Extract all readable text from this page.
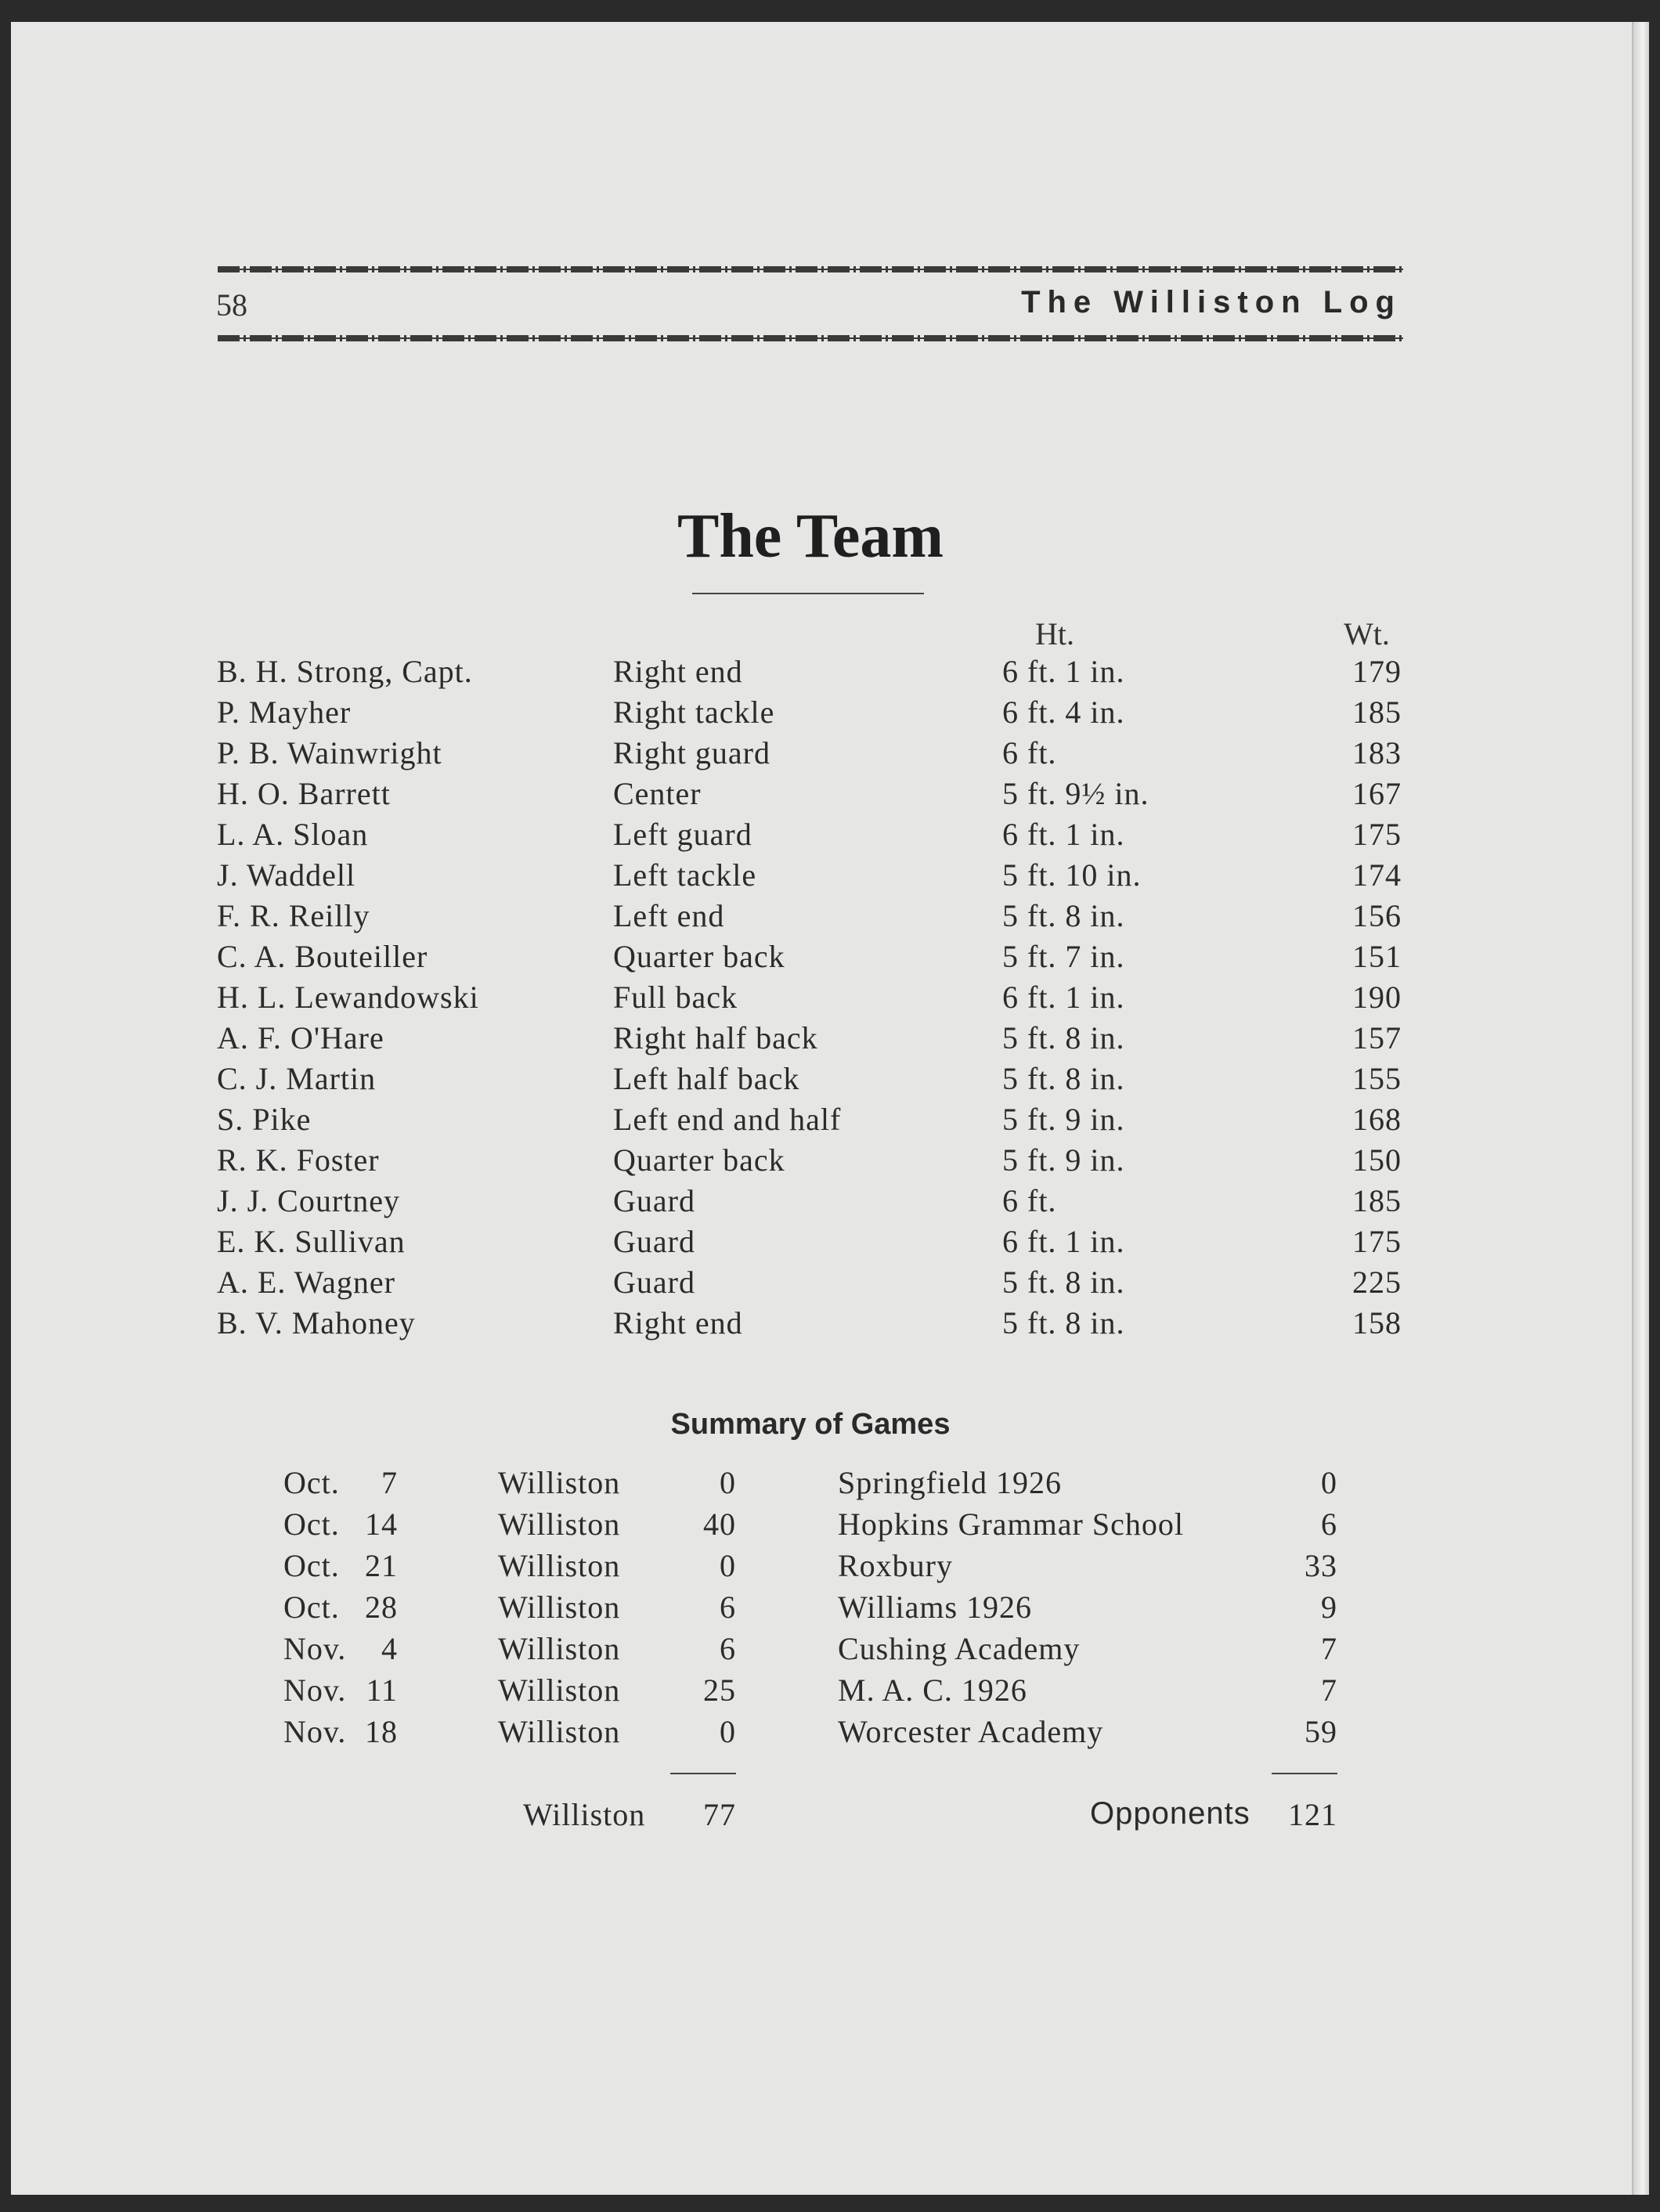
58	The Williston Log
The Team
Ht.	Wt.
B. H. Strong, Capt.	Right end	6 ft. 1 in.	179
P. Mayher	Right tackle	6 ft. 4 in.	185
P. B. Wainwright	Right guard	6 ft.	183
H. O. Barrett	Center	5 ft. 9½ in.	167
L. A. Sloan	Left guard	6 ft. 1 in.	175
J. Waddell	Left tackle	5 ft. 10 in.	174
F. R. Reilly	Left end	5 ft. 8 in.	156
C. A. Bouteiller	Quarter back	5 ft. 7 in.	151
H. L. Lewandowski	Full back	6 ft. 1 in.	190
A. F. O'Hare	Right half back	5 ft. 8 in.	157
C. J. Martin	Left half back	5 ft. 8 in.	155
S. Pike	Left end and half	5 ft. 9 in.	168
R. K. Foster	Quarter back	5 ft. 9 in.	150
J. J. Courtney	Guard	6 ft.	185
E. K. Sullivan	Guard	6 ft. 1 in.	175
A. E. Wagner	Guard	5 ft. 8 in.	225
B. V. Mahoney	Right end	5 ft. 8 in.	158
Summary of Games
Oct.	7	Williston	0	Springfield 1926	0
Oct. 14	Williston	40	Hopkins Grammar School	6
Oct. 21	Williston	0	Roxbury	33
Oct. 28	Williston	6	Williams 1926	9
Nov.	4	Williston	6	Cushing Academy	7
Nov. 11	Williston	25	M. A. C. 1926	7
Nov. 18	Williston	0	Worcester Academy	59
Williston	77	Opponents	121
